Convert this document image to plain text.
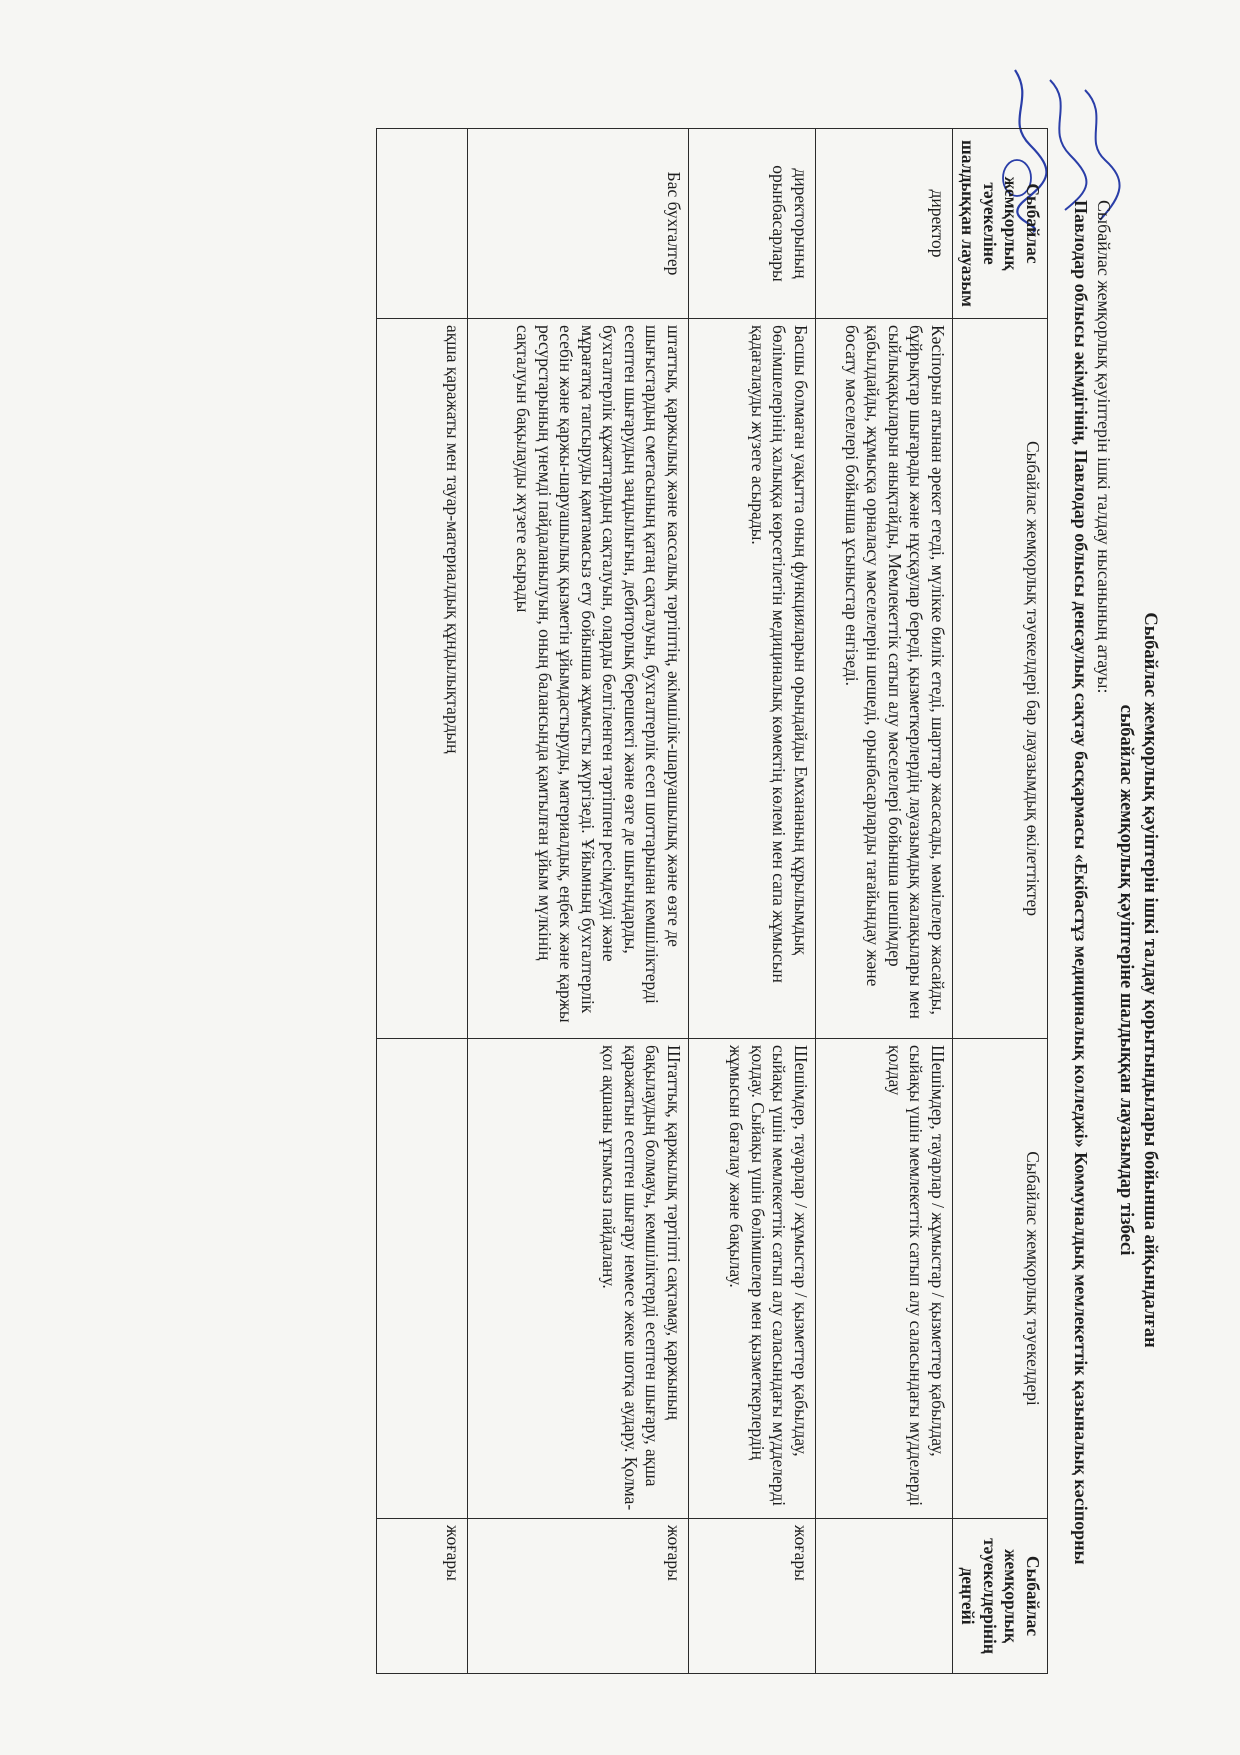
Сыбайлас жемқорлық қәуіптерін ішкі талдау қорытындылары бойынша айқындалған
сыбайлас жемқорлық қәуіптеріне шалдыққан лауазымдар тізбесі
Сыбайлас жемқорлық қәуіптерін ішкі талдау нысанының атауы:
Павлодар облысы әкімдігінің, Павлодар облысы денсаулық сақтау басқармасы «Екібастұз медициналық колледжі» Коммуналдық мемлекеттік қазыналық кәсіпорны
Сыбайлас жемқорлық тәуекеліне шалдыққан лауазым	Сыбайлас жемқорлық тәуекелдері бар лауазымдық өкілеттіктер	Сыбайлас жемқорлық тәуекелдері	Сыбайлас жемқорлық тәуекелдерінің деңгейі
директор	Кәсіпорын атынан әрекет етеді, мүлікке билік етеді, шарттар жасасады, мәмілелер жасайды, бұйрықтар шығарады және нұсқаулар береді, қызметкерлердің лауазымдық жалақылары мен сыйлықақыларын анықтайды, Мемлекеттік сатып алу мәселелері бойынша шешімдер қабылдайды, жұмысқа орналасу мәселелерін шешеді, орынбасарларды тағайындау және босату мәселелері бойынша ұсыныстар енгізеді.	Шешімдер, тауарлар / жұмыстар / қызметтер қабылдау, сыйақы үшін мемлекеттік сатып алу саласындағы мүдделерді қолдау	
директорының орынбасарлары	Басшы болмаған уақытта оның функцияларын орындайды Емхананың құрылымдық бөлімшелерінің халыққа көрсетілетін медициналық көмектің көлемі мен сапа жұмысын қадағалауды жүзеге асырады.	Шешімдер, тауарлар / жұмыстар / қызметтер қабылдау, сыйақы үшін мемлекеттік сатып алу саласындағы мүдделерді қолдау. Сыйақы үшін бөлімшелер мен қызметкерлердің жұмысын бағалау және бақылау.	жоғары
Бас бухгалтер	штаттық, қаржылық және кассалық тәртіптің, әкімшілік-шаруашылық және өзге де шығыстардың сметасының қатаң сақталуын, бухгалтерлік есеп шоттарынан кемшіліктерді есептен шығарудың заңдылығын, дебиторлық берешекті және өзге де шығындарды, бухгалтерлік құжаттардың сақталуын, оларды белгіленген тәртіппен ресімдеуді және мұрағатқа тапсыруды қамтамасыз ету бойынша жұмысты жүргізеді. Ұйымның бухгалтерлік есебін және қаржы-шаруашылық қызметін ұйымдастыруды, материалдық, еңбек және қаржы ресурстарының үнемді пайдаланылуын, оның балансында қамтылған ұйым мүлкінің сақталуын бақылауды жүзеге асырады	Штаттық, қаржылық тәртіпті сақтамау, қаржының бақылаудың болмауы, кемшіліктерді есептен шығару, ақша қаражатын есептен шығару немесе жеке шотқа аудару. Қолма-қол ақшаны ұтымсыз пайдалану.	жоғары
	ақша қаражаты мен тауар-материалдық құндылықтардың		жоғары
